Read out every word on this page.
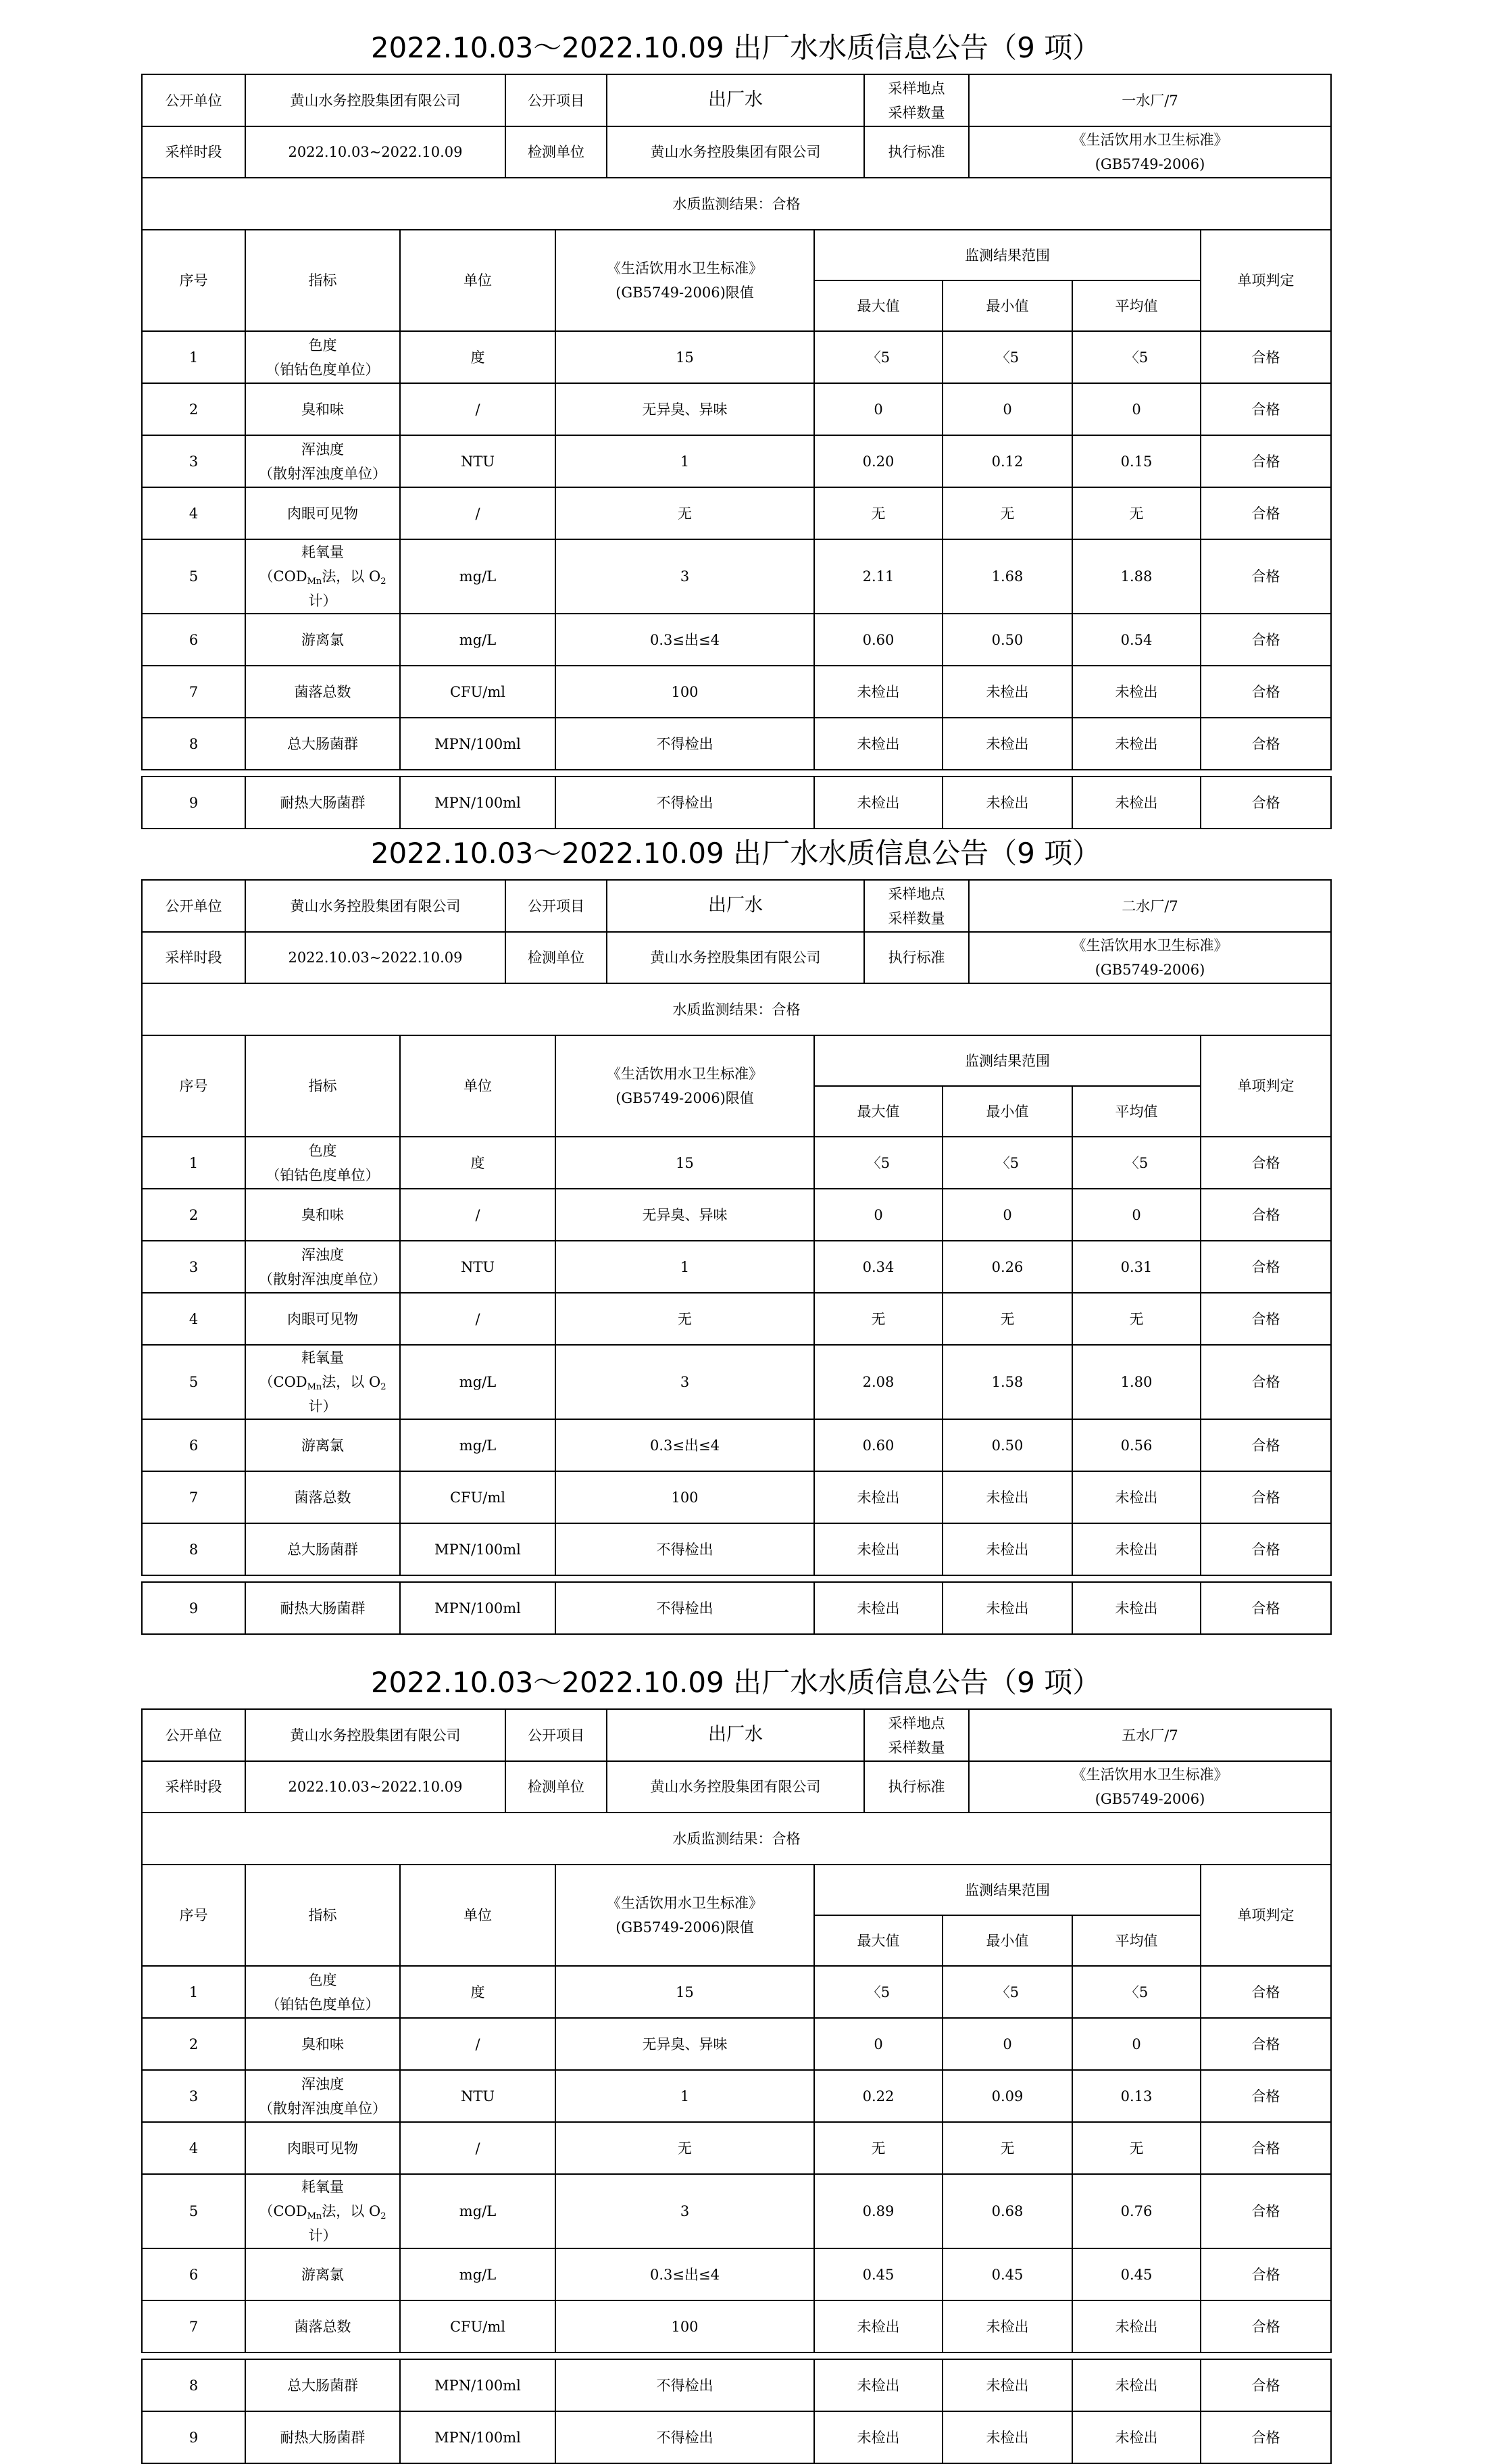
2022.10.03～2022.10.09 出厂水水质信息公告（9 项）
公开单位	黄山水务控股集团有限公司	公开项目	出厂水	采样地点
采样数量	一水厂/7
采样时段	2022.10.03~2022.10.09	检测单位	黄山水务控股集团有限公司	执行标准	《生活饮用水卫生标准》
(GB5749-2006)
水质监测结果：合格					
序号	指标	单位	《生活饮用水卫生标准》
(GB5749-2006)限值	监测结果范围			单项判定
				最大值	最小值	平均值	
1	色度
（铂钴色度单位）	度	15	〈5	〈5	〈5	合格
2	臭和味	/	无异臭、异味	0	0	0	合格
3	浑浊度
（散射浑浊度单位）	NTU	1	0.20	0.12	0.15	合格
4	肉眼可见物	/	无	无	无	无	合格
5	耗氧量
（$COD_{Mn}$法，以 $O_2$计）	mg/L	3	2.11	1.68	1.88	合格
6	游离氯	mg/L	0.3≤出≤4	0.60	0.50	0.54	合格
7	菌落总数	CFU/ml	100	未检出	未检出	未检出	合格
8	总大肠菌群	MPN/100ml	不得检出	未检出	未检出	未检出	合格
9	耐热大肠菌群	MPN/100ml	不得检出	未检出	未检出	未检出	合格
2022.10.03～2022.10.09 出厂水水质信息公告（9 项）
公开单位	黄山水务控股集团有限公司	公开项目	出厂水	采样地点
采样数量	二水厂/7
采样时段	2022.10.03~2022.10.09	检测单位	黄山水务控股集团有限公司	执行标准	《生活饮用水卫生标准》
(GB5749-2006)
水质监测结果：合格					
序号	指标	单位	《生活饮用水卫生标准》
(GB5749-2006)限值	监测结果范围			单项判定
				最大值	最小值	平均值	
1	色度
（铂钴色度单位）	度	15	〈5	〈5	〈5	合格
2	臭和味	/	无异臭、异味	0	0	0	合格
3	浑浊度
（散射浑浊度单位）	NTU	1	0.34	0.26	0.31	合格
4	肉眼可见物	/	无	无	无	无	合格
5	耗氧量
（$COD_{Mn}$法，以 $O_2$计）	mg/L	3	2.08	1.58	1.80	合格
6	游离氯	mg/L	0.3≤出≤4	0.60	0.50	0.56	合格
7	菌落总数	CFU/ml	100	未检出	未检出	未检出	合格
8	总大肠菌群	MPN/100ml	不得检出	未检出	未检出	未检出	合格
9	耐热大肠菌群	MPN/100ml	不得检出	未检出	未检出	未检出	合格
2022.10.03～2022.10.09 出厂水水质信息公告（9 项）
公开单位	黄山水务控股集团有限公司	公开项目	出厂水	采样地点
采样数量	五水厂/7
采样时段	2022.10.03~2022.10.09	检测单位	黄山水务控股集团有限公司	执行标准	《生活饮用水卫生标准》
(GB5749-2006)
水质监测结果：合格					
序号	指标	单位	《生活饮用水卫生标准》
(GB5749-2006)限值	监测结果范围			单项判定
				最大值	最小值	平均值	
1	色度
（铂钴色度单位）	度	15	〈5	〈5	〈5	合格
2	臭和味	/	无异臭、异味	0	0	0	合格
3	浑浊度
（散射浑浊度单位）	NTU	1	0.22	0.09	0.13	合格
4	肉眼可见物	/	无	无	无	无	合格
5	耗氧量
（$COD_{Mn}$法，以 $O_2$计）	mg/L	3	0.89	0.68	0.76	合格
6	游离氯	mg/L	0.3≤出≤4	0.45	0.45	0.45	合格
7	菌落总数	CFU/ml	100	未检出	未检出	未检出	合格
8	总大肠菌群	MPN/100ml	不得检出	未检出	未检出	未检出	合格
9	耐热大肠菌群	MPN/100ml	不得检出	未检出	未检出	未检出	合格
